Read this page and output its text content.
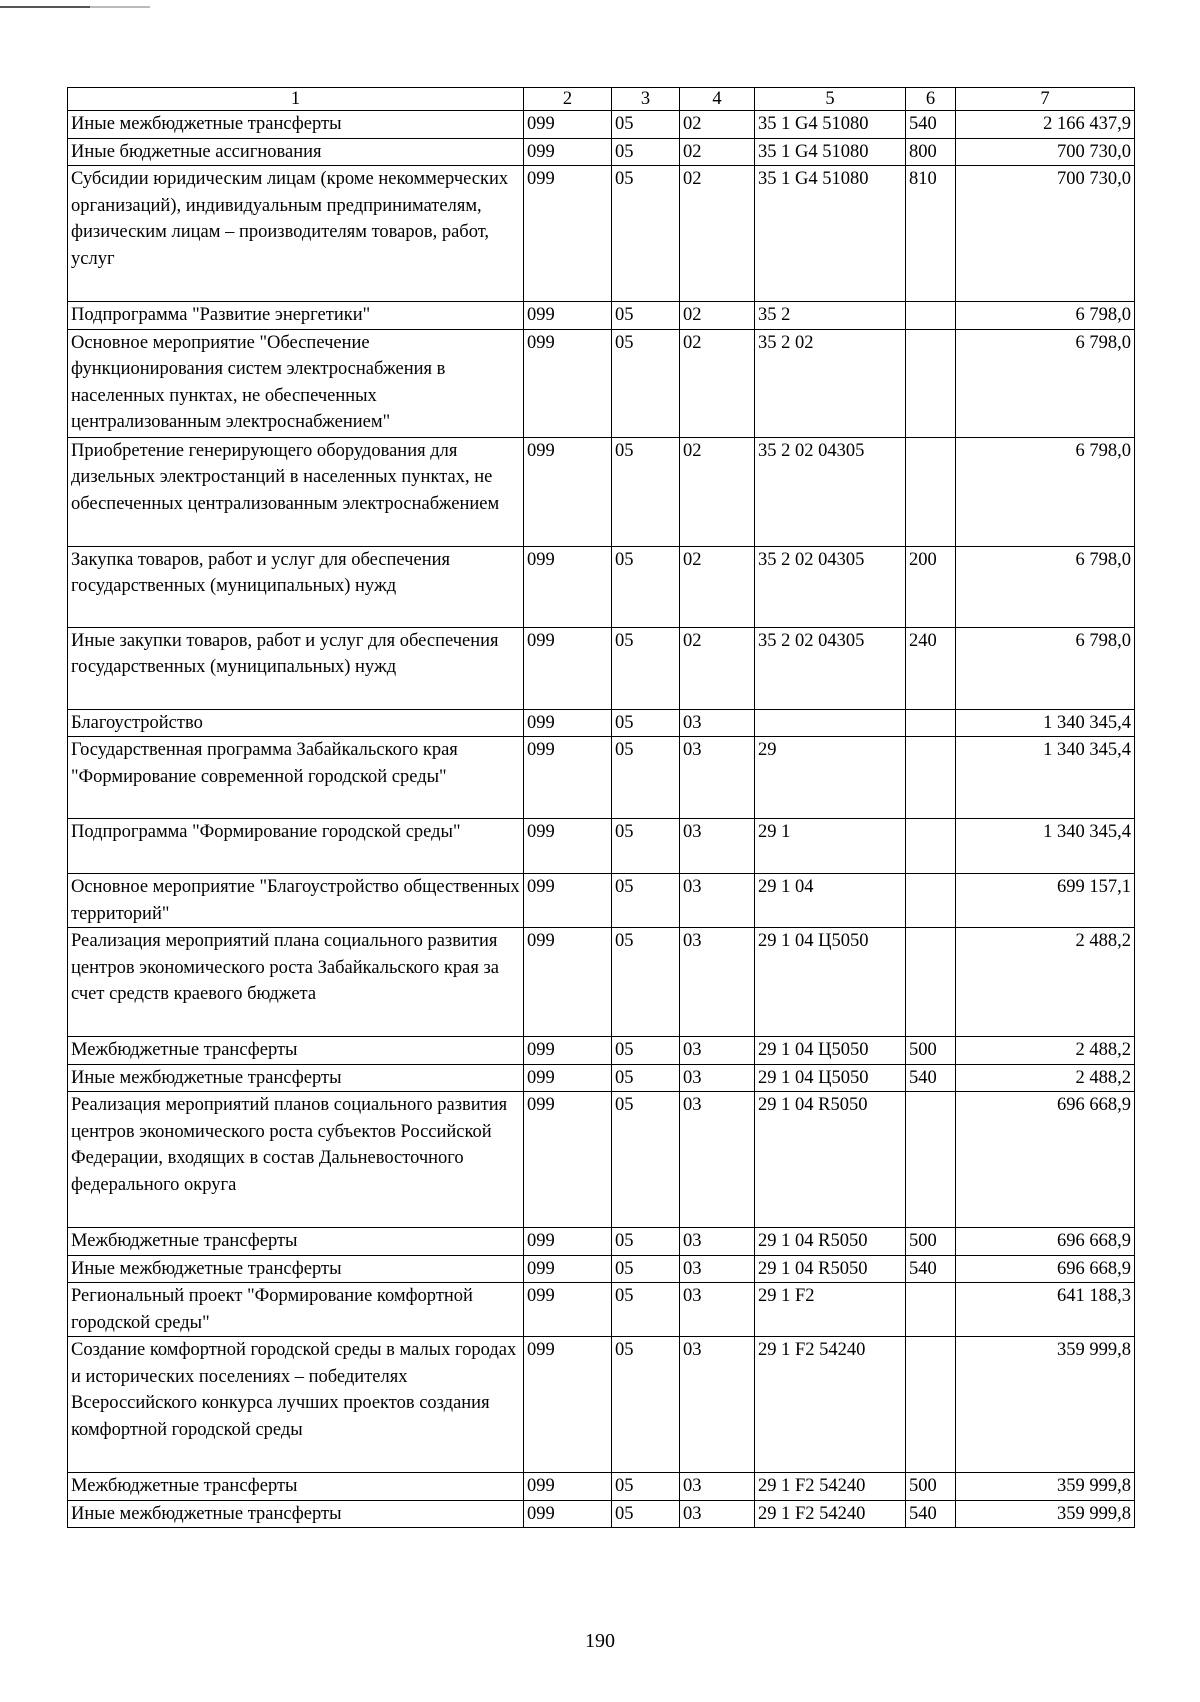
1	2	3	4	5	6	7
Иные межбюджетные трансферты	099	05	02	35 1 G4 51080	540	2 166 437,9
Иные бюджетные ассигнования	099	05	02	35 1 G4 51080	800	700 730,0
Субсидии юридическим лицам (кроме некоммерческих организаций), индивидуальным предпринимателям, физическим лицам – производителям товаров, работ, услуг	099	05	02	35 1 G4 51080	810	700 730,0
Подпрограмма "Развитие энергетики"	099	05	02	35 2		6 798,0
Основное мероприятие "Обеспечение функционирования систем электроснабжения в населенных пунктах, не обеспеченных централизованным электроснабжением"	099	05	02	35 2 02		6 798,0
Приобретение генерирующего оборудования для дизельных электростанций в населенных пунктах, не обеспеченных централизованным электроснабжением	099	05	02	35 2 02 04305		6 798,0
Закупка товаров, работ и услуг для обеспечения государственных (муниципальных) нужд	099	05	02	35 2 02 04305	200	6 798,0
Иные закупки товаров, работ и услуг для обеспечения государственных (муниципальных) нужд	099	05	02	35 2 02 04305	240	6 798,0
Благоустройство	099	05	03			1 340 345,4
Государственная программа Забайкальского края "Формирование современной городской среды"	099	05	03	29		1 340 345,4
Подпрограмма "Формирование городской среды"	099	05	03	29 1		1 340 345,4
Основное мероприятие "Благоустройство общественных территорий"	099	05	03	29 1 04		699 157,1
Реализация мероприятий плана социального развития центров экономического роста Забайкальского края за счет средств краевого бюджета	099	05	03	29 1 04 Ц5050		2 488,2
Межбюджетные трансферты	099	05	03	29 1 04 Ц5050	500	2 488,2
Иные межбюджетные трансферты	099	05	03	29 1 04 Ц5050	540	2 488,2
Реализация мероприятий планов социального развития центров экономического роста субъектов Российской Федерации, входящих в состав Дальневосточного федерального округа	099	05	03	29 1 04 R5050		696 668,9
Межбюджетные трансферты	099	05	03	29 1 04 R5050	500	696 668,9
Иные межбюджетные трансферты	099	05	03	29 1 04 R5050	540	696 668,9
Региональный проект "Формирование комфортной городской среды"	099	05	03	29 1 F2		641 188,3
Создание комфортной городской среды в малых городах и исторических поселениях – победителях Всероссийского конкурса лучших проектов создания комфортной городской среды	099	05	03	29 1 F2 54240		359 999,8
Межбюджетные трансферты	099	05	03	29 1 F2 54240	500	359 999,8
Иные межбюджетные трансферты	099	05	03	29 1 F2 54240	540	359 999,8
190
